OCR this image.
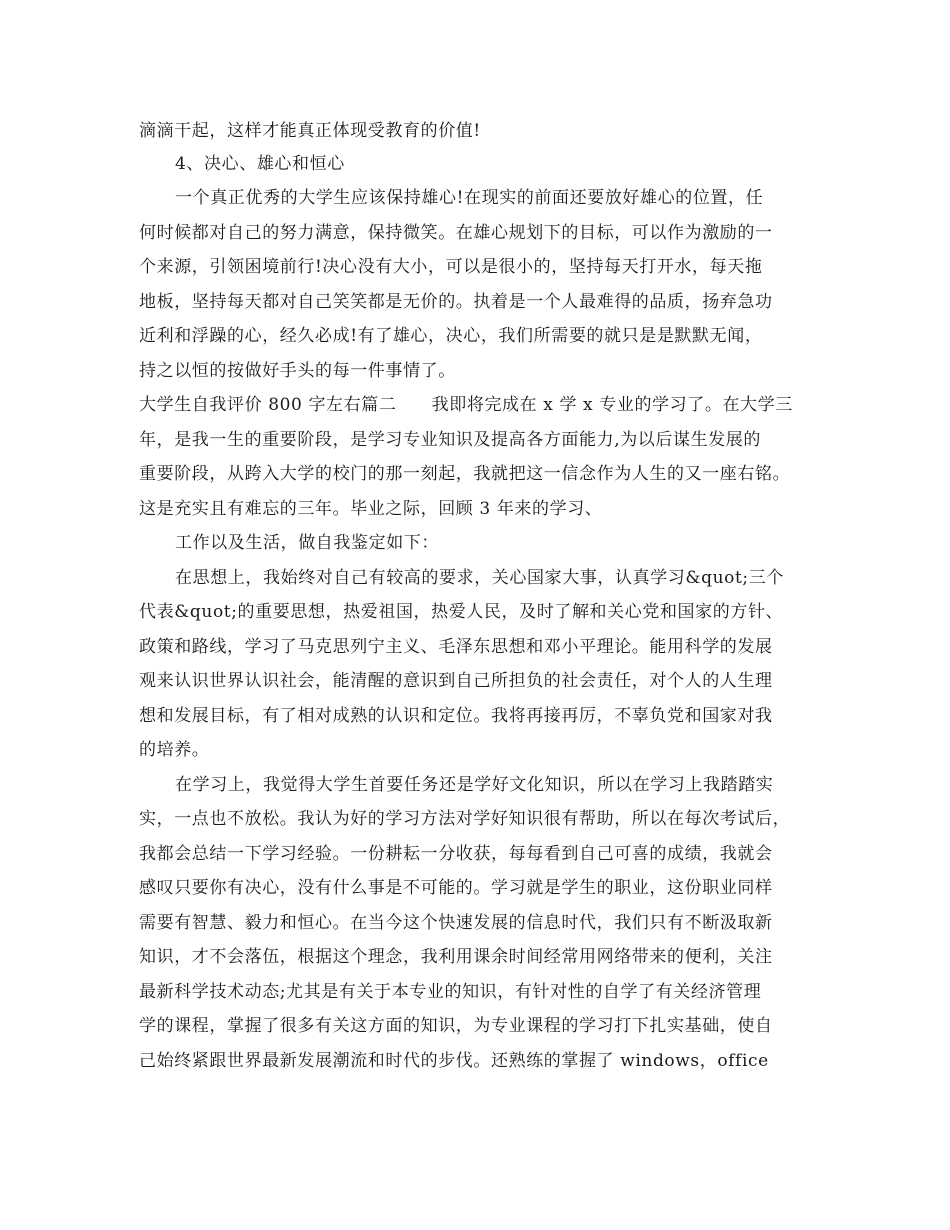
滴滴干起，这样才能真正体现受教育的价值!
4、决心、雄心和恒心
一个真正优秀的大学生应该保持雄心!在现实的前面还要放好雄心的位置，任
何时候都对自己的努力满意，保持微笑。在雄心规划下的目标，可以作为激励的一
个来源，引领困境前行!决心没有大小，可以是很小的，坚持每天打开水，每天拖
地板，坚持每天都对自己笑笑都是无价的。执着是一个人最难得的品质，扬弃急功
近利和浮躁的心，经久必成!有了雄心，决心，我们所需要的就只是是默默无闻，
持之以恒的按做好手头的每一件事情了。
大学生自我评价 800 字左右篇二　　我即将完成在 x 学 x 专业的学习了。在大学三
年，是我一生的重要阶段，是学习专业知识及提高各方面能力,为以后谋生发展的
重要阶段，从跨入大学的校门的那一刻起，我就把这一信念作为人生的又一座右铭。
这是充实且有难忘的三年。毕业之际，回顾 3 年来的学习、
工作以及生活，做自我鉴定如下：
在思想上，我始终对自己有较高的要求，关心国家大事，认真学习&quot;三个
代表&quot;的重要思想，热爱祖国，热爱人民，及时了解和关心党和国家的方针、
政策和路线，学习了马克思列宁主义、毛泽东思想和邓小平理论。能用科学的发展
观来认识世界认识社会，能清醒的意识到自己所担负的社会责任，对个人的人生理
想和发展目标，有了相对成熟的认识和定位。我将再接再厉，不辜负党和国家对我
的培养。
在学习上，我觉得大学生首要任务还是学好文化知识，所以在学习上我踏踏实
实，一点也不放松。我认为好的学习方法对学好知识很有帮助，所以在每次考试后，
我都会总结一下学习经验。一份耕耘一分收获，每每看到自己可喜的成绩，我就会
感叹只要你有决心，没有什么事是不可能的。学习就是学生的职业，这份职业同样
需要有智慧、毅力和恒心。在当今这个快速发展的信息时代，我们只有不断汲取新
知识，才不会落伍，根据这个理念，我利用课余时间经常用网络带来的便利，关注
最新科学技术动态;尤其是有关于本专业的知识，有针对性的自学了有关经济管理
学的课程，掌握了很多有关这方面的知识，为专业课程的学习打下扎实基础，使自
己始终紧跟世界最新发展潮流和时代的步伐。还熟练的掌握了 windows，office
